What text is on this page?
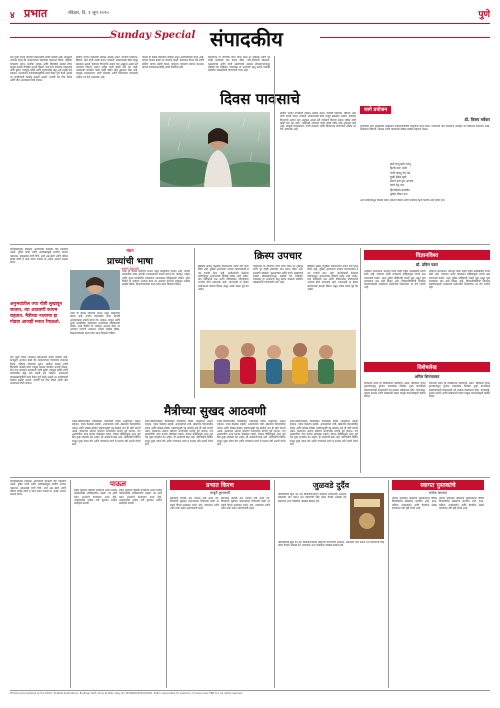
४ प्रभात	रविवार, दि. १ जून २०२५	पुणे
Sunday Special संपादकीय
यंदा पुन्हा एकदा पावसाने वेळेआधीच हजेरी लावली आहे. मान्सूनचे आगमन झाले की शेतकऱ्यांच्या चेहऱ्यावर समाधान दिसते. पहिल्या पावसाचा सुगंध, मातीचा दरवळ आणि हिरवाईने नटलेले डोंगर यामुळे मनाला वेगळीच उभारी मिळते. मात्र याच पावसाने शहरांमध्ये पाणी तुंबणे, वाहतूक कोंडी आणि रस्त्यांवरील खड्डे असे प्रश्नही उभे राहतात. प्रशासनाने पावसाळ्यापूर्वीची कामे वेळेत पूर्ण केली असती तर नागरिकांची गैरसोय टळली असती. दरवर्षी तेच चित्र दिसते आणि तीच आश्वासने दिली जातात.
ग्रामीण भागात पावसाची प्रतीक्षा अधिक असते. पेरणीचे नियोजन, बियाणे, खते यांची तयारी करून शेतकरी आकाशाकडे डोळे लावून बसलेला असतो. हवामान विभागाचे अंदाज यंदा अनुकूल असले तरी पावसाचे वितरण समान राहील याची खात्री देता येत नाही. अवकाळी पावसाने गेल्या काही वर्षांत मोठे नुकसान केले आहे. त्यामुळे जलसंधारण, पाणी साठवण आणि सिंचनाच्या योजनांवर अधिक भर देणे आवश्यक आहे.
पाऊस हा केवळ निसर्गाचा सोहळा नसून अर्थव्यवस्थेचा कणा आहे. चांगला पाऊस झाला तर उत्पादन वाढते, बाजारात चैतन्य येते आणि ग्रामीण भागात खरेदी वाढते. म्हणूनच पावसाचे स्वागत करताना त्याच्या व्यवस्थापनाचीही तयारी ठेवायला हवी.
निसर्गाच्या या देणगीचा योग्य वापर केला तर दुष्काळ आणि पूर दोन्ही संकटांवर मात करता येईल. नदी-नाल्यांची स्वच्छता, वृक्षलागवड आणि पाणी अडवण्याचे उपक्रम लोकसहभागातून राबवले गेले पाहिजेत. पावसाळा हा आनंदाचा ऋतू ठरावा यासाठी सर्वांनीच जबाबदारीने वागण्याची गरज आहे.
दिवस पावसाचे
जागे प्रयोजन
डॉ. विजय मर्वेकर
पुण्यातील एका सामाजिक उपक्रमाने पर्यावरणाविषयी जागृतीचा संदेश दिला. निसर्गाशी नाते जपण्याचे आवाहन या निमित्ताने करण्यात आले. उपक्रमात विद्यार्थी, शिक्षक आणि पालकांनी मोठ्या संख्येने सहभाग घेतला.
झाडे लावू झाडे जगवू
हिरवी करू धरती
पाणी वाचवू थेंब थेंब
सुखी होईल सृष्टी
निसर्ग हाच गुरू आपला
त्याचे ठेवू भान
हिरवाईच्या सावलीत
फुलेल जीवन गान
अशा कवितांमधून दिलेला संदेश मनाला भिडतो आणि प्रत्येकाने कृती करावी अशी प्रेरणा देतो.
ग्रामीण भागात पावसाची प्रतीक्षा अधिक असते. पेरणीचे नियोजन, बियाणे, खते यांची तयारी करून शेतकरी आकाशाकडे डोळे लावून बसलेला असतो. हवामान विभागाचे अंदाज यंदा अनुकूल असले तरी पावसाचे वितरण समान राहील याची खात्री देता येत नाही. अवकाळी पावसाने गेल्या काही वर्षांत मोठे नुकसान केले आहे. त्यामुळे जलसंधारण, पाणी साठवण आणि सिंचनाच्या योजनांवर अधिक भर देणे आवश्यक आहे.
पावसाळ्याच्या दिवसांत आरोग्याची काळजी घेणे महत्त्वाचे असते. दूषित पाणी आणि अस्वच्छतेमुळे साथीचे आजार पसरतात. उकळलेले पाणी पिणे, ताजे अन्न खाणे आणि परिसर स्वच्छ ठेवणे हे साधे उपाय पाळले तर अनेक आजार टाळता येतात.
मंथन
प्राच्यांची भाषा
अरुण देशपांडे
भाषा ही केवळ संवादाचे साधन नसून संस्कृतीचा वारसा आहे. प्राचीन ग्रंथांमधील भाषा आजही अभ्यासकांना नवनवे संदर्भ देते. संस्कृत, प्राकृत आणि जुन्या मराठीतील शब्दसंपदा आपल्याला इतिहासाशी जोडते. नव्या पिढीने या भाषांचा अभ्यास केला तर आपल्या परंपरेचे आकलन अधिक सखोल होईल. शिक्षणव्यवस्थेत याला योग्य स्थान मिळाले पाहिजे.
भाषा ही केवळ संवादाचे साधन नसून संस्कृतीचा वारसा आहे. प्राचीन ग्रंथांमधील भाषा आजही अभ्यासकांना नवनवे संदर्भ देते. संस्कृत, प्राकृत आणि जुन्या मराठीतील शब्दसंपदा आपल्याला इतिहासाशी जोडते. नव्या पिढीने या भाषांचा अभ्यास केला तर आपल्या परंपरेचे आकलन अधिक सखोल होईल. शिक्षणव्यवस्थेत याला योग्य स्थान मिळाले पाहिजे.
क्रिस्प उपचार
वैद्यकीय क्षेत्रात जनुकीय संपादनाच्या तंत्राने नवी दिशा दिली आहे. दुर्मिळ आजारांवर उपचार करण्यासाठी हे तंत्र प्रभावी ठरत आहे. संशोधकांनी केलेल्या प्रयोगांमधून आशादायक निष्कर्ष समोर आले आहेत. मात्र नैतिकतेचे प्रश्न आणि दीर्घकालीन परिणामांचा अभ्यास होणे आवश्यक आहे. भारतातही या क्षेत्रात संशोधनाला चालना मिळत असून अनेक संस्था पुढे येत आहेत.
निसर्गाच्या या देणगीचा योग्य वापर केला तर दुष्काळ आणि पूर दोन्ही संकटांवर मात करता येईल. नदी-नाल्यांची स्वच्छता, वृक्षलागवड आणि पाणी अडवण्याचे उपक्रम लोकसहभागातून राबवले गेले पाहिजेत. पावसाळा हा आनंदाचा ऋतू ठरावा यासाठी सर्वांनीच जबाबदारीने वागण्याची गरज आहे.
वैद्यकीय क्षेत्रात जनुकीय संपादनाच्या तंत्राने नवी दिशा दिली आहे. दुर्मिळ आजारांवर उपचार करण्यासाठी हे तंत्र प्रभावी ठरत आहे. संशोधकांनी केलेल्या प्रयोगांमधून आशादायक निष्कर्ष समोर आले आहेत. मात्र नैतिकतेचे प्रश्न आणि दीर्घकालीन परिणामांचा अभ्यास होणे आवश्यक आहे. भारतातही या क्षेत्रात संशोधनाला चालना मिळत असून अनेक संस्था पुढे येत आहेत.
विज्ञानविश्व
डॉ. प्रविण पवार
अवकाश संशोधनात भारताने गेल्या काही वर्षांत उल्लेखनीय प्रगती केली आहे. चांद्रयान आणि मंगळयान मोहिमांमुळे जगाचे लक्ष भारताकडे वळले. आता पुढील मोहिमांची तयारी सुरू असून युवा शास्त्रज्ञांना यात संधी मिळत आहे. विज्ञानाविषयीची जिज्ञासा वाढवण्यासाठी शाळांमध्ये प्रयोगशील शिक्षणावर भर देणे गरजेचे आहे.
अवकाश संशोधनात भारताने गेल्या काही वर्षांत उल्लेखनीय प्रगती केली आहे. चांद्रयान आणि मंगळयान मोहिमांमुळे जगाचे लक्ष भारताकडे वळले. आता पुढील मोहिमांची तयारी सुरू असून युवा शास्त्रज्ञांना यात संधी मिळत आहे. विज्ञानाविषयीची जिज्ञासा वाढवण्यासाठी शाळांमध्ये प्रयोगशील शिक्षणावर भर देणे गरजेचे आहे.
विशेषलेख
अनिल शिरगावकर
वाचनाची सवय ही व्यक्तिमत्त्व घडवणारी असते. डिजिटल युगात पुस्तकांपासून दुरावत चाललेल्या पिढीला पुन्हा वाचनाकडे वळवण्यासाठी ग्रंथालयांनी नवे उपक्रम राबवायला हवेत. वाचनकट्टे, पुस्तक प्रदर्शने आणि लेखकांशी संवाद यामुळे वाचनसंस्कृती वाढीस लागेल.
वाचनाची सवय ही व्यक्तिमत्त्व घडवणारी असते. डिजिटल युगात पुस्तकांपासून दुरावत चाललेल्या पिढीला पुन्हा वाचनाकडे वळवण्यासाठी ग्रंथालयांनी नवे उपक्रम राबवायला हवेत. वाचनकट्टे, पुस्तक प्रदर्शने आणि लेखकांशी संवाद यामुळे वाचनसंस्कृती वाढीस लागेल.
अनुभवांतील ज्या गोष्टी सुखावून जातात, त्या आठवणी कायम राहतात. मैत्रीच्या नात्याचा हा गोडवा आजही मनात रेंगाळतो.
यंदा पुन्हा एकदा पावसाने वेळेआधीच हजेरी लावली आहे. मान्सूनचे आगमन झाले की शेतकऱ्यांच्या चेहऱ्यावर समाधान दिसते. पहिल्या पावसाचा सुगंध, मातीचा दरवळ आणि हिरवाईने नटलेले डोंगर यामुळे मनाला वेगळीच उभारी मिळते. मात्र याच पावसाने शहरांमध्ये पाणी तुंबणे, वाहतूक कोंडी आणि रस्त्यांवरील खड्डे असे प्रश्नही उभे राहतात. प्रशासनाने पावसाळ्यापूर्वीची कामे वेळेत पूर्ण केली असती तर नागरिकांची गैरसोय टळली असती. दरवर्षी तेच चित्र दिसते आणि तीच आश्वासने दिली जातात.
मैत्रीच्या सुखद आठवणी
शाळा-कॉलेजमधील मित्रांसोबत घालवलेले दिवस आयुष्यभर लक्षात राहतात. एकत्र केलेल्या सहली, अभ्यासाच्या रात्री, खेळाच्या मैदानावरील धमाल आणि छोट्या-मोठ्या भांडणांतूनही घट्ट झालेले नाते ही खरी संपत्ती असते. काळाच्या ओघात सर्वजण आपापल्या मार्गाने पुढे जातात, पण आठवणींचा धागा कायम जोडलेला राहतो. सोशल मीडियामुळे आज जुने मित्र पुन्हा संपर्कात येत आहेत, ही आनंदाची बाब आहे. भेटीगाठींचे निमित्त साधून पुन्हा एकत्र येणे आणि गप्पांमध्ये रमणे हे मनाला नवी उभारी देणारे ठरते.
शाळा-कॉलेजमधील मित्रांसोबत घालवलेले दिवस आयुष्यभर लक्षात राहतात. एकत्र केलेल्या सहली, अभ्यासाच्या रात्री, खेळाच्या मैदानावरील धमाल आणि छोट्या-मोठ्या भांडणांतूनही घट्ट झालेले नाते ही खरी संपत्ती असते. काळाच्या ओघात सर्वजण आपापल्या मार्गाने पुढे जातात, पण आठवणींचा धागा कायम जोडलेला राहतो. सोशल मीडियामुळे आज जुने मित्र पुन्हा संपर्कात येत आहेत, ही आनंदाची बाब आहे. भेटीगाठींचे निमित्त साधून पुन्हा एकत्र येणे आणि गप्पांमध्ये रमणे हे मनाला नवी उभारी देणारे ठरते.
शाळा-कॉलेजमधील मित्रांसोबत घालवलेले दिवस आयुष्यभर लक्षात राहतात. एकत्र केलेल्या सहली, अभ्यासाच्या रात्री, खेळाच्या मैदानावरील धमाल आणि छोट्या-मोठ्या भांडणांतूनही घट्ट झालेले नाते ही खरी संपत्ती असते. काळाच्या ओघात सर्वजण आपापल्या मार्गाने पुढे जातात, पण आठवणींचा धागा कायम जोडलेला राहतो. सोशल मीडियामुळे आज जुने मित्र पुन्हा संपर्कात येत आहेत, ही आनंदाची बाब आहे. भेटीगाठींचे निमित्त साधून पुन्हा एकत्र येणे आणि गप्पांमध्ये रमणे हे मनाला नवी उभारी देणारे ठरते.
शाळा-कॉलेजमधील मित्रांसोबत घालवलेले दिवस आयुष्यभर लक्षात राहतात. एकत्र केलेल्या सहली, अभ्यासाच्या रात्री, खेळाच्या मैदानावरील धमाल आणि छोट्या-मोठ्या भांडणांतूनही घट्ट झालेले नाते ही खरी संपत्ती असते. काळाच्या ओघात सर्वजण आपापल्या मार्गाने पुढे जातात, पण आठवणींचा धागा कायम जोडलेला राहतो. सोशल मीडियामुळे आज जुने मित्र पुन्हा संपर्कात येत आहेत, ही आनंदाची बाब आहे. भेटीगाठींचे निमित्त साधून पुन्हा एकत्र येणे आणि गप्पांमध्ये रमणे हे मनाला नवी उभारी देणारे ठरते.
पावसाळ्याच्या दिवसांत आरोग्याची काळजी घेणे महत्त्वाचे असते. दूषित पाणी आणि अस्वच्छतेमुळे साथीचे आजार पसरतात. उकळलेले पाणी पिणे, ताजे अन्न खाणे आणि परिसर स्वच्छ ठेवणे हे साधे उपाय पाळले तर अनेक आजार टाळता येतात.
पाऊल
लहान मुलांच्या पहिल्या पावलाचा आनंद प्रत्येक पालकासाठी अविस्मरणीय असतो. त्या क्षणी घरात आनंदाचे वातावरण तयार होते. आयुष्यातील प्रत्येक नवी सुरुवात अशीच उत्साहाने करावी.
लहान मुलांच्या पहिल्या पावलाचा आनंद प्रत्येक पालकासाठी अविस्मरणीय असतो. त्या क्षणी घरात आनंदाचे वातावरण तयार होते. आयुष्यातील प्रत्येक नवी सुरुवात अशीच उत्साहाने करावी.
प्रभात किरण
माधुरी कुलकर्णी
सकाळचे कोवळे ऊन मनाला नवी ऊर्जा देते. दिवसाची सुरुवात सकारात्मक विचारांनी केली तर संपूर्ण दिवस उत्साहात जातो. योग, प्राणायाम आणि ध्यान यांचा सराव आरोग्यदायी ठरतो.
सकाळचे कोवळे ऊन मनाला नवी ऊर्जा देते. दिवसाची सुरुवात सकारात्मक विचारांनी केली तर संपूर्ण दिवस उत्साहात जातो. योग, प्राणायाम आणि ध्यान यांचा सराव आरोग्यदायी ठरतो.
जुळवडे दुर्दैव
परिस्थितीशी झुंज देत यश मिळवणाऱ्यांच्या कहाण्या प्रेरणादायी असतात. संकटांवर मात करून उभे राहण्याची जिद्द त्यांना वेगळी ओळख देते. समाजाने अशा व्यक्तींना पाठबळ द्यायला हवे.
परिस्थितीशी झुंज देत यश मिळवणाऱ्यांच्या कहाण्या प्रेरणादायी असतात. संकटांवर मात करून उभे राहण्याची जिद्द त्यांना वेगळी ओळख देते. समाजाने अशा व्यक्तींना पाठबळ द्यायला हवे.
स्वागत पुस्तकांचे
मनोज जगताप
नव्याने प्रकाशित झालेल्या पुस्तकांमध्ये विविध विषयांवरील लेखनाचा समावेश आहे. कथा, कविता, प्रवासवर्णन आणि वैचारिक लेखन वाचकांना नवी दृष्टी देणारे आहे.
नव्याने प्रकाशित झालेल्या पुस्तकांमध्ये विविध विषयांवरील लेखनाचा समावेश आहे. कथा, कविता, प्रवासवर्णन आणि वैचारिक लेखन वाचकांना नवी दृष्टी देणारे आहे.
Printed and published by the Editor, Prabhat Publications, Budhwar Peth, Pune 411002. Reg. No. MAHMAR/2020/00000. Editor responsible for selection of news under PRB Act. All rights reserved.
